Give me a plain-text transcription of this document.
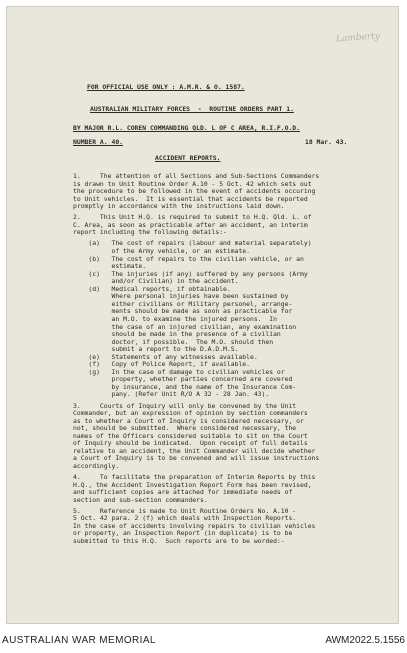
Lamberty
FOR OFFICIAL USE ONLY : A.M.R. & O. 1587.
AUSTRALIAN MILITARY FORCES  -  ROUTINE ORDERS PART 1.
BY MAJOR R.L. COREN COMMANDING QLD. L OF C AREA, R.I.F.O.D.
NUMBER A. 40.	18 Mar. 43.
ACCIDENT REPORTS.
1.     The attention of all Sections and Sub-Sections Commanders
is drawn to Unit Routine Order A.10 - 5 Oct. 42 which sets out
the procedure to be followed in the event of accidents occuring
to Unit vehicles.  It is essential that accidents be reported
promptly in accordance with the instructions laid down.
2.     This Unit H.Q. is required to submit to H.Q. Qld. L. of
C. Area, as soon as practicable after an accident, an interim
report including the following details:-
(a)   The cost of repairs (labour and material separately)
of the Army vehicle, or an estimate.
(b)   The cost of repairs to the civilian vehicle, or an
estimate.
(c)   The injuries (if any) suffered by any persons (Army
and/or Civilian) in the accident.
(d)   Medical reports, if obtainable.
Where personal injuries have been sustained by
either civilians or Military personel, arrange-
ments should be made as soon as practicable for
an M.O. to examine the injured persons.  In
the case of an injured civilian, any examination
should be made in the presence of a civilian
doctor, if possible.  The M.O. should then
submit a report to the D.A.D.M.S.
(e)   Statements of any witnesses available.
(f)   Copy of Police Report, if available.
(g)   In the case of damage to civilian vehicles or
property, whether parties concerned are covered
by insurance, and the name of the Insurance Com-
pany. (Refer Unit R/O A 32 - 28 Jan. 43).
3.     Courts of Inquiry will only be convened by the Unit
Commander, but an expression of opinion by section commanders
as to whether a Court of Inquiry is considered necessary, or
not, should be submitted.  Where considered necessary, the
names of the Officers considered suitable to sit on the Court
of Inquiry should be indicated.  Upon receipt of full details
relative to an accident, the Unit Commander will decide whether
a Court of Inquiry is to be convened and will issue instructions
accordingly.
4.     To facilitate the preparation of Interim Reports by this
H.Q., the Accident Investigation Report Form has been revised,
and sufficient copies are attached for immediate needs of
section and sub-section commanders.
5.     Reference is made to Unit Routine Orders No. A.10 -
5 Oct. 42 para. 2 (f) which deals with Inspection Reports.
In the case of accidents involving repairs to civilian vehicles
or property, an Inspection Report (in duplicate) is to be
submitted to this H.Q.  Such reports are to be worded:-
AUSTRALIAN WAR MEMORIAL	AWM2022.5.1556
